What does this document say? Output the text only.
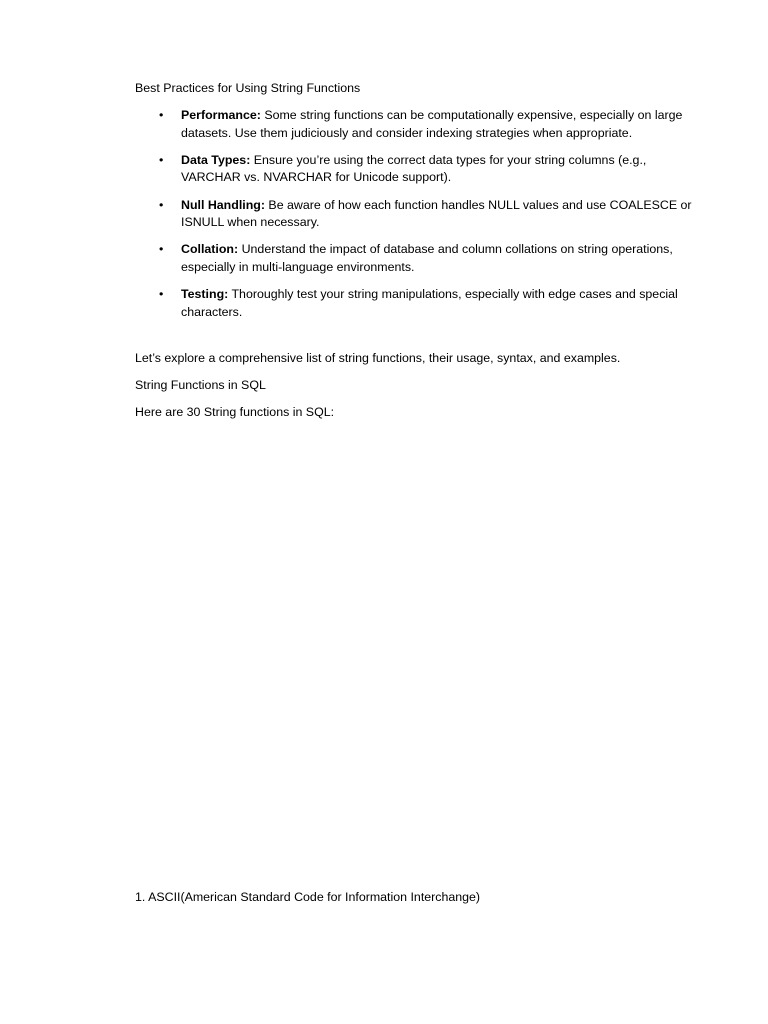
Best Practices for Using String Functions

• Performance: Some string functions can be computationally expensive, especially on large datasets. Use them judiciously and consider indexing strategies when appropriate.
• Data Types: Ensure you’re using the correct data types for your string columns (e.g., VARCHAR vs. NVARCHAR for Unicode support).
• Null Handling: Be aware of how each function handles NULL values and use COALESCE or ISNULL when necessary.
• Collation: Understand the impact of database and column collations on string operations, especially in multi-language environments.
• Testing: Thoroughly test your string manipulations, especially with edge cases and special characters.

Let’s explore a comprehensive list of string functions, their usage, syntax, and examples.

String Functions in SQL

Here are 30 String functions in SQL:

1. ASCII(American Standard Code for Information Interchange)
